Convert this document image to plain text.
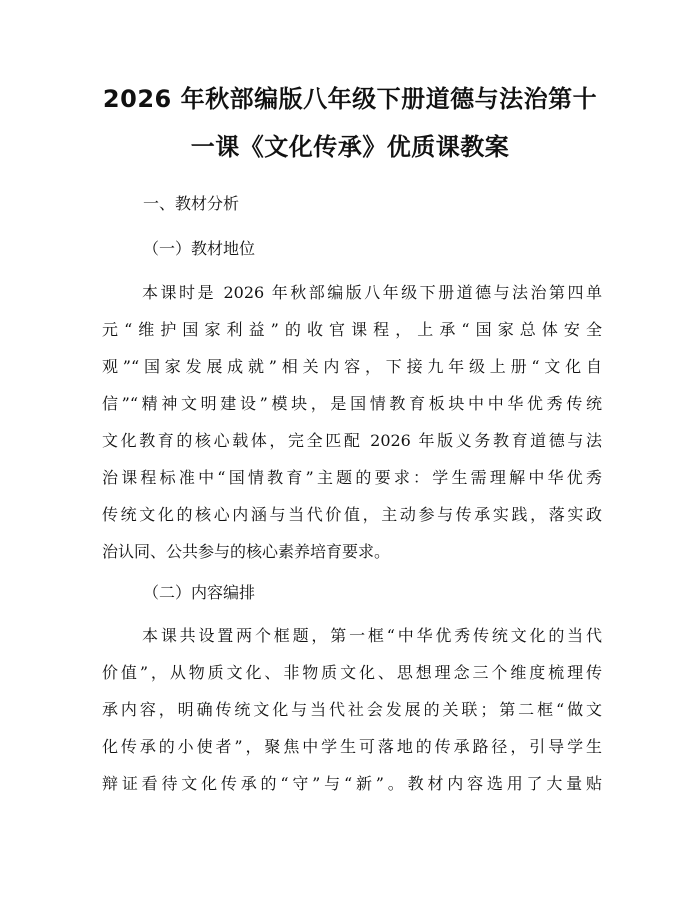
2026 年秋部编版八年级下册道德与法治第十
一课《文化传承》优质课教案
一、教材分析
（一）教材地位
本课时是 2026 年秋部编版八年级下册道德与法治第四单
元“维护国家利益”的收官课程，上承“国家总体安全
观”“国家发展成就”相关内容，下接九年级上册“文化自
信”“精神文明建设”模块，是国情教育板块中中华优秀传统
文化教育的核心载体，完全匹配 2026 年版义务教育道德与法
治课程标准中“国情教育”主题的要求：学生需理解中华优秀
传统文化的核心内涵与当代价值，主动参与传承实践，落实政
治认同、公共参与的核心素养培育要求。
（二）内容编排
本课共设置两个框题，第一框“中华优秀传统文化的当代
价值”，从物质文化、非物质文化、思想理念三个维度梳理传
承内容，明确传统文化与当代社会发展的关联；第二框“做文
化传承的小使者”，聚焦中学生可落地的传承路径，引导学生
辩证看待文化传承的“守”与“新”。教材内容选用了大量贴
